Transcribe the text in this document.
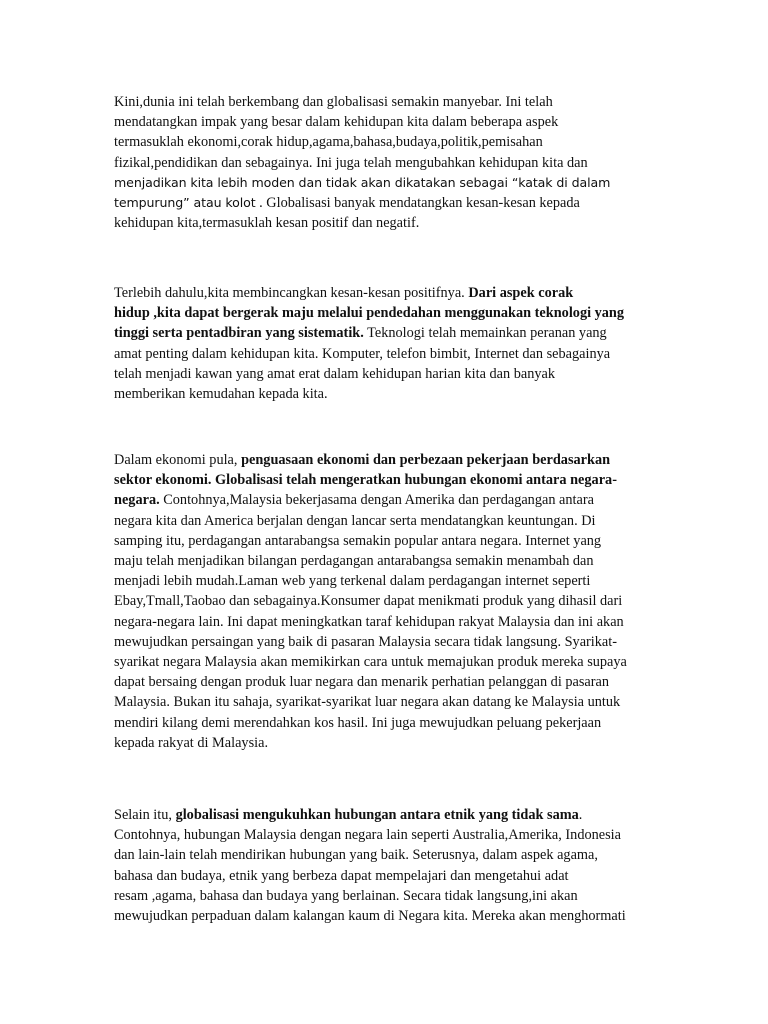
Kini,dunia ini telah berkembang dan globalisasi semakin manyebar. Ini telah
mendatangkan impak yang besar dalam kehidupan kita dalam beberapa aspek
termasuklah ekonomi,corak hidup,agama,bahasa,budaya,politik,pemisahan
fizikal,pendidikan dan sebagainya. Ini juga telah mengubahkan kehidupan kita dan
menjadikan kita lebih moden dan tidak akan dikatakan sebagai “katak di dalam
tempurung” atau kolot . Globalisasi banyak mendatangkan kesan-kesan kepada
kehidupan kita,termasuklah kesan positif dan negatif.

Terlebih dahulu,kita membincangkan kesan-kesan positifnya. Dari aspek corak
hidup ,kita dapat bergerak maju melalui pendedahan menggunakan teknologi yang
tinggi serta pentadbiran yang sistematik. Teknologi telah memainkan peranan yang
amat penting dalam kehidupan kita. Komputer, telefon bimbit, Internet dan sebagainya
telah menjadi kawan yang amat erat dalam kehidupan harian kita dan banyak
memberikan kemudahan kepada kita.

Dalam ekonomi pula, penguasaan ekonomi dan perbezaan pekerjaan berdasarkan
sektor ekonomi. Globalisasi telah mengeratkan hubungan ekonomi antara negara-
negara. Contohnya,Malaysia bekerjasama dengan Amerika dan perdagangan antara
negara kita dan America berjalan dengan lancar serta mendatangkan keuntungan. Di
samping itu, perdagangan antarabangsa semakin popular antara negara. Internet yang
maju telah menjadikan bilangan perdagangan antarabangsa semakin menambah dan
menjadi lebih mudah.Laman web yang terkenal dalam perdagangan internet seperti
Ebay,Tmall,Taobao dan sebagainya.Konsumer dapat menikmati produk yang dihasil dari
negara-negara lain. Ini dapat meningkatkan taraf kehidupan rakyat Malaysia dan ini akan
mewujudkan persaingan yang baik di pasaran Malaysia secara tidak langsung. Syarikat-
syarikat negara Malaysia akan memikirkan cara untuk memajukan produk mereka supaya
dapat bersaing dengan produk luar negara dan menarik perhatian pelanggan di pasaran
Malaysia. Bukan itu sahaja, syarikat-syarikat luar negara akan datang ke Malaysia untuk
mendiri kilang demi merendahkan kos hasil. Ini juga mewujudkan peluang pekerjaan
kepada rakyat di Malaysia.

Selain itu, globalisasi mengukuhkan hubungan antara etnik yang tidak sama.
Contohnya, hubungan Malaysia dengan negara lain seperti Australia,Amerika, Indonesia
dan lain-lain telah mendirikan hubungan yang baik. Seterusnya, dalam aspek agama,
bahasa dan budaya, etnik yang berbeza dapat mempelajari dan mengetahui adat
resam ,agama, bahasa dan budaya yang berlainan. Secara tidak langsung,ini akan
mewujudkan perpaduan dalam kalangan kaum di Negara kita. Mereka akan menghormati
